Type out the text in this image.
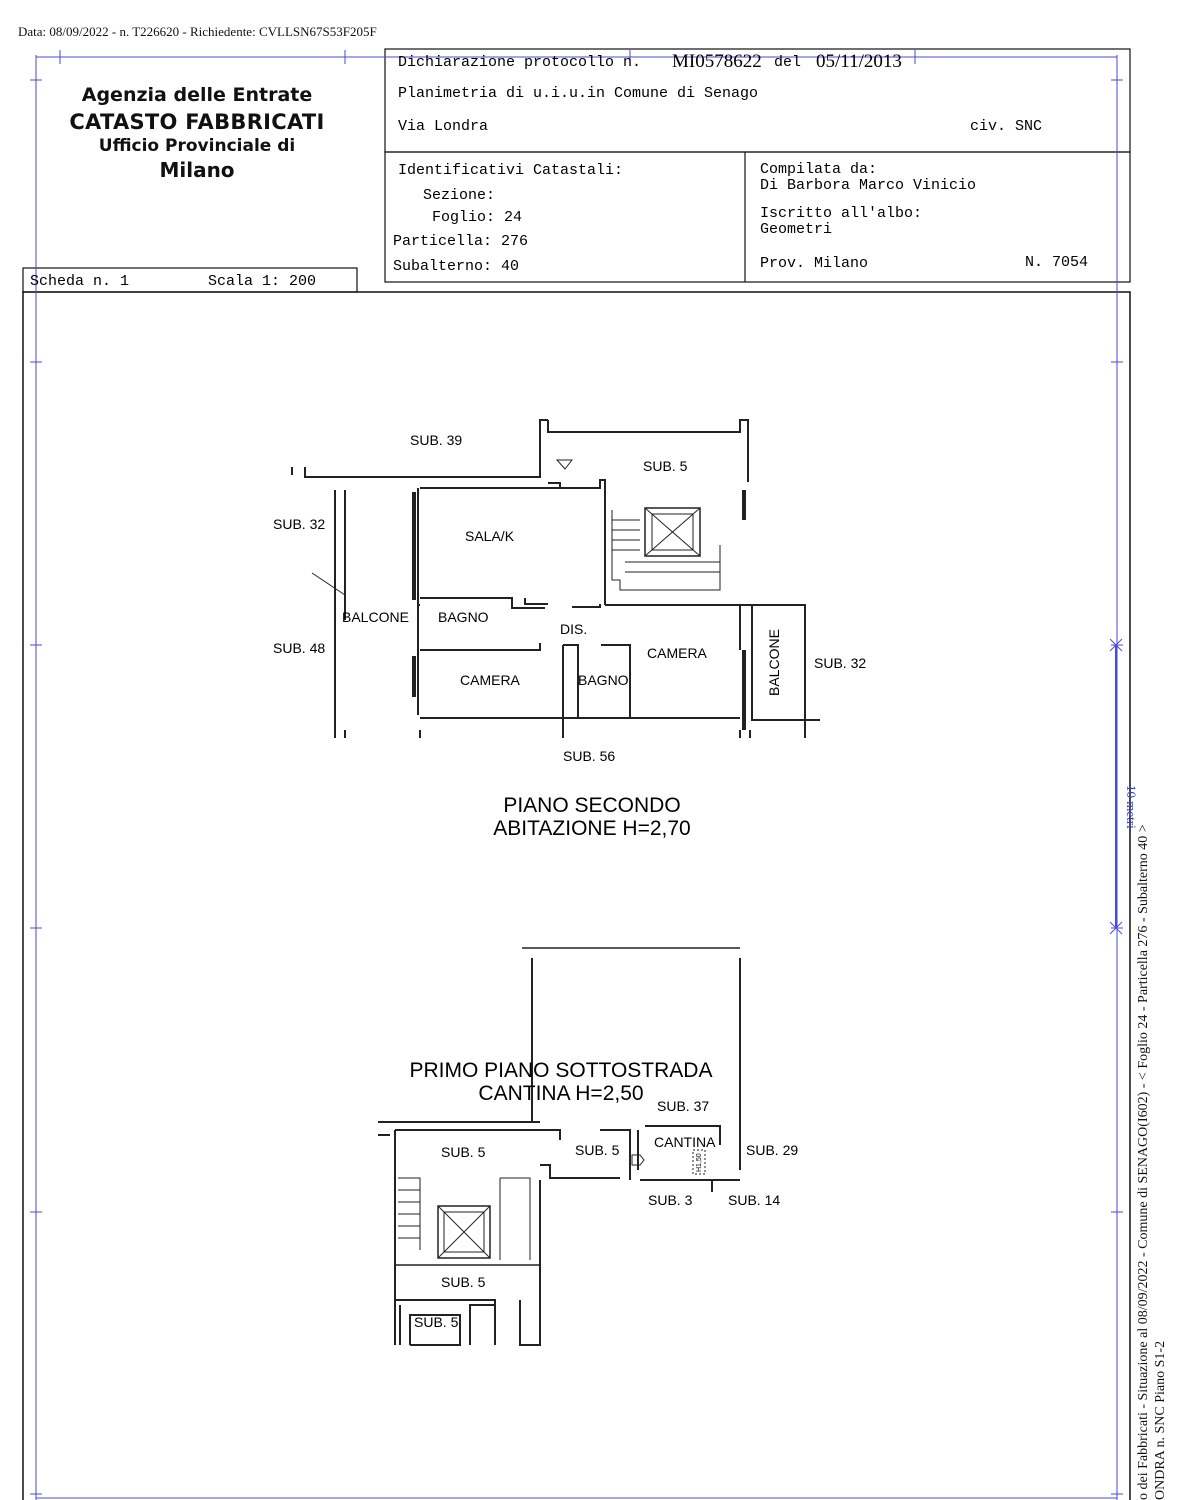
Data: 08/09/2022 - n. T226620 - Richiedente: CVLLSN67S53F205F
Agenzia delle Entrate
CATASTO FABBRICATI
Ufficio Provinciale di
Milano
Dichiarazione protocollo n. MI0578622 del 05/11/2013
Planimetria di u.i.u.in Comune di Senago
Via Londra	civ. SNC
Identificativi Catastali:
Sezione:
Foglio: 24
Particella: 276
Subalterno: 40
Compilata da:
Di Barbora Marco Vinicio
Iscritto all'albo:
Geometri
Prov. Milano	N. 7054
Scheda n. 1	Scala 1: 200
10 metri
SUB. 39
SUB. 5
SUB. 32
SALA/K
BALCONE BAGNO
DIS.
SUB. 48	CAMERA
CAMERA	BAGNO	BALCONE SUB. 32
SUB. 56
PIANO SECONDO
ABITAZIONE H=2,70
SUB. 37
CANTINA
SUB. 5	SUB. 5	SUB. 29
SUB. 3	SUB. 14
SUB. 5
SUB. 5
H1,50
PRIMO PIANO SOTTOSTRADA
CANTINA H=2,50	o dei Fabbricati - Situazione al 08/09/2022 - Comune di SENAGO(I602) - < Foglio 24 - Particella 276 - Subalterno 40 > ONDRA n. SNC Piano S1-2
